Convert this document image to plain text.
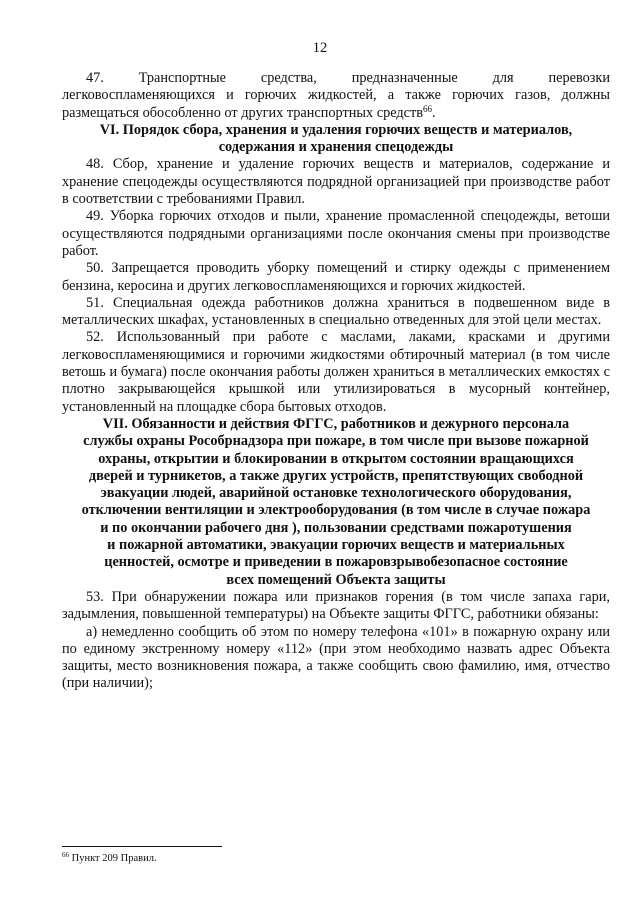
12

47. Транспортные средства, предназначенные для перевозки легковоспламеняющихся и горючих жидкостей, а также горючих газов, должны размещаться обособленно от других транспортных средств$^{66}$.

VI. Порядок сбора, хранения и удаления горючих веществ и материалов,
содержания и хранения спецодежды

48. Сбор, хранение и удаление горючих веществ и материалов, содержание и хранение спецодежды осуществляются подрядной организацией при производстве работ в соответствии с требованиями Правил.

49. Уборка горючих отходов и пыли, хранение промасленной спецодежды, ветоши осуществляются подрядными организациями после окончания смены при производстве работ.

50. Запрещается проводить уборку помещений и стирку одежды с применением бензина, керосина и других легковоспламеняющихся и горючих жидкостей.

51. Специальная одежда работников должна храниться в подвешенном виде в металлических шкафах, установленных в специально отведенных для этой цели местах.

52. Использованный при работе с маслами, лаками, красками и другими легковоспламеняющимися и горючими жидкостями обтирочный материал (в том числе ветошь и бумага) после окончания работы должен храниться в металлических емкостях с плотно закрывающейся крышкой или утилизироваться в мусорный контейнер, установленный на площадке сбора бытовых отходов.

VII. Обязанности и действия ФГГС, работников и дежурного персонала
службы охраны Рособрнадзора при пожаре, в том числе при вызове пожарной
охраны, открытии и блокировании в открытом состоянии вращающихся
дверей и турникетов, а также других устройств, препятствующих свободной
эвакуации людей, аварийной остановке технологического оборудования,
отключении вентиляции и электрооборудования (в том числе в случае пожара
и по окончании рабочего дня ), пользовании средствами пожаротушения
и пожарной автоматики, эвакуации горючих веществ и материальных
ценностей, осмотре и приведении в пожаровзрывобезопасное состояние
всех помещений Объекта защиты

53. При обнаружении пожара или признаков горения (в том числе запаха гари, задымления, повышенной температуры) на Объекте защиты ФГГС, работники обязаны:

а) немедленно сообщить об этом по номеру телефона «101» в пожарную охрану или по единому экстренному номеру «112» (при этом необходимо назвать адрес Объекта защиты, место возникновения пожара, а также сообщить свою фамилию, имя, отчество (при наличии);

$^{66}$ Пункт 209 Правил.
